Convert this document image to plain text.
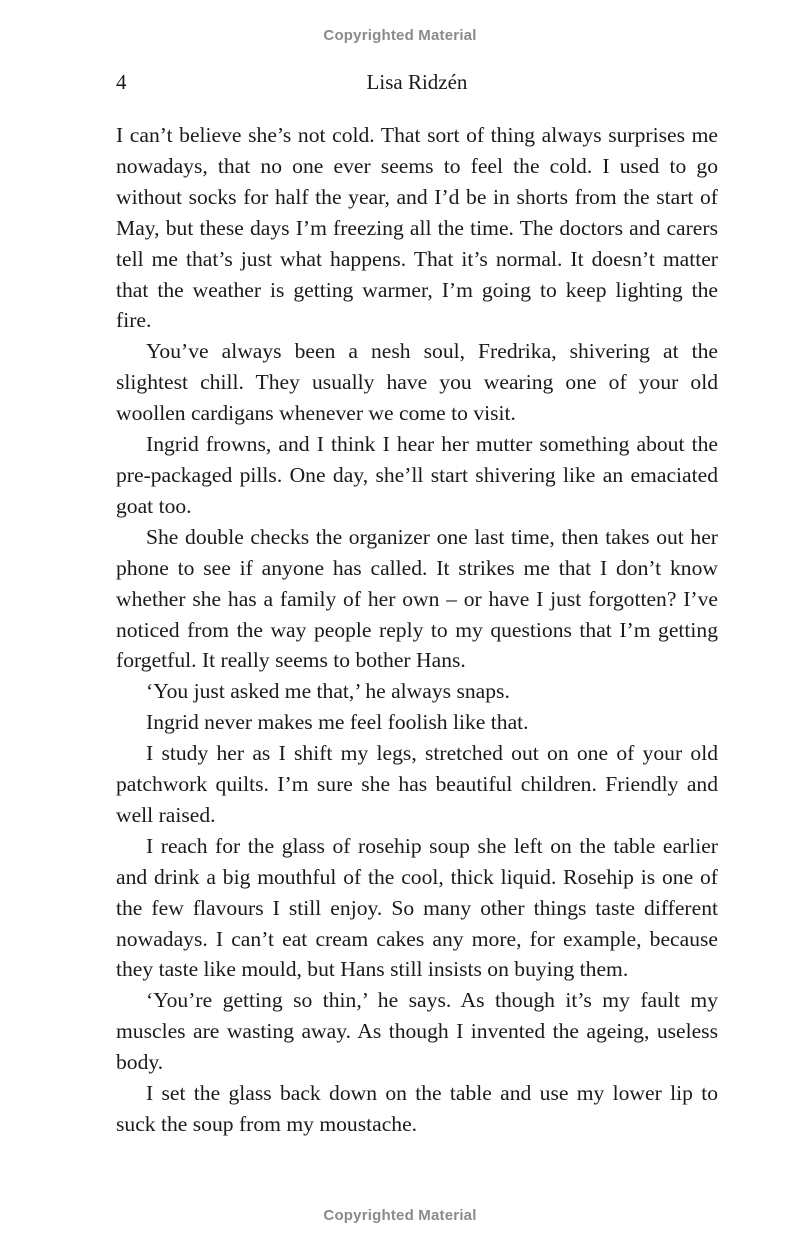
Copyrighted Material
4	Lisa Ridzén

I can’t believe she’s not cold. That sort of thing always surprises me nowadays, that no one ever seems to feel the cold. I used to go without socks for half the year, and I’d be in shorts from the start of May, but these days I’m freezing all the time. The doctors and carers tell me that’s just what happens. That it’s normal. It doesn’t matter that the weather is getting warmer, I’m going to keep lighting the fire.

You’ve always been a nesh soul, Fredrika, shivering at the slightest chill. They usually have you wearing one of your old woollen cardigans whenever we come to visit.

Ingrid frowns, and I think I hear her mutter something about the pre-packaged pills. One day, she’ll start shivering like an emaciated goat too.

She double checks the organizer one last time, then takes out her phone to see if anyone has called. It strikes me that I don’t know whether she has a family of her own – or have I just forgotten? I’ve noticed from the way people reply to my questions that I’m getting forgetful. It really seems to bother Hans.

‘You just asked me that,’ he always snaps.

Ingrid never makes me feel foolish like that.

I study her as I shift my legs, stretched out on one of your old patchwork quilts. I’m sure she has beautiful children. Friendly and well raised.

I reach for the glass of rosehip soup she left on the table earlier and drink a big mouthful of the cool, thick liquid. Rosehip is one of the few flavours I still enjoy. So many other things taste different nowadays. I can’t eat cream cakes any more, for example, because they taste like mould, but Hans still insists on buying them.

‘You’re getting so thin,’ he says. As though it’s my fault my muscles are wasting away. As though I invented the ageing, useless body.

I set the glass back down on the table and use my lower lip to suck the soup from my moustache.

Copyrighted Material
